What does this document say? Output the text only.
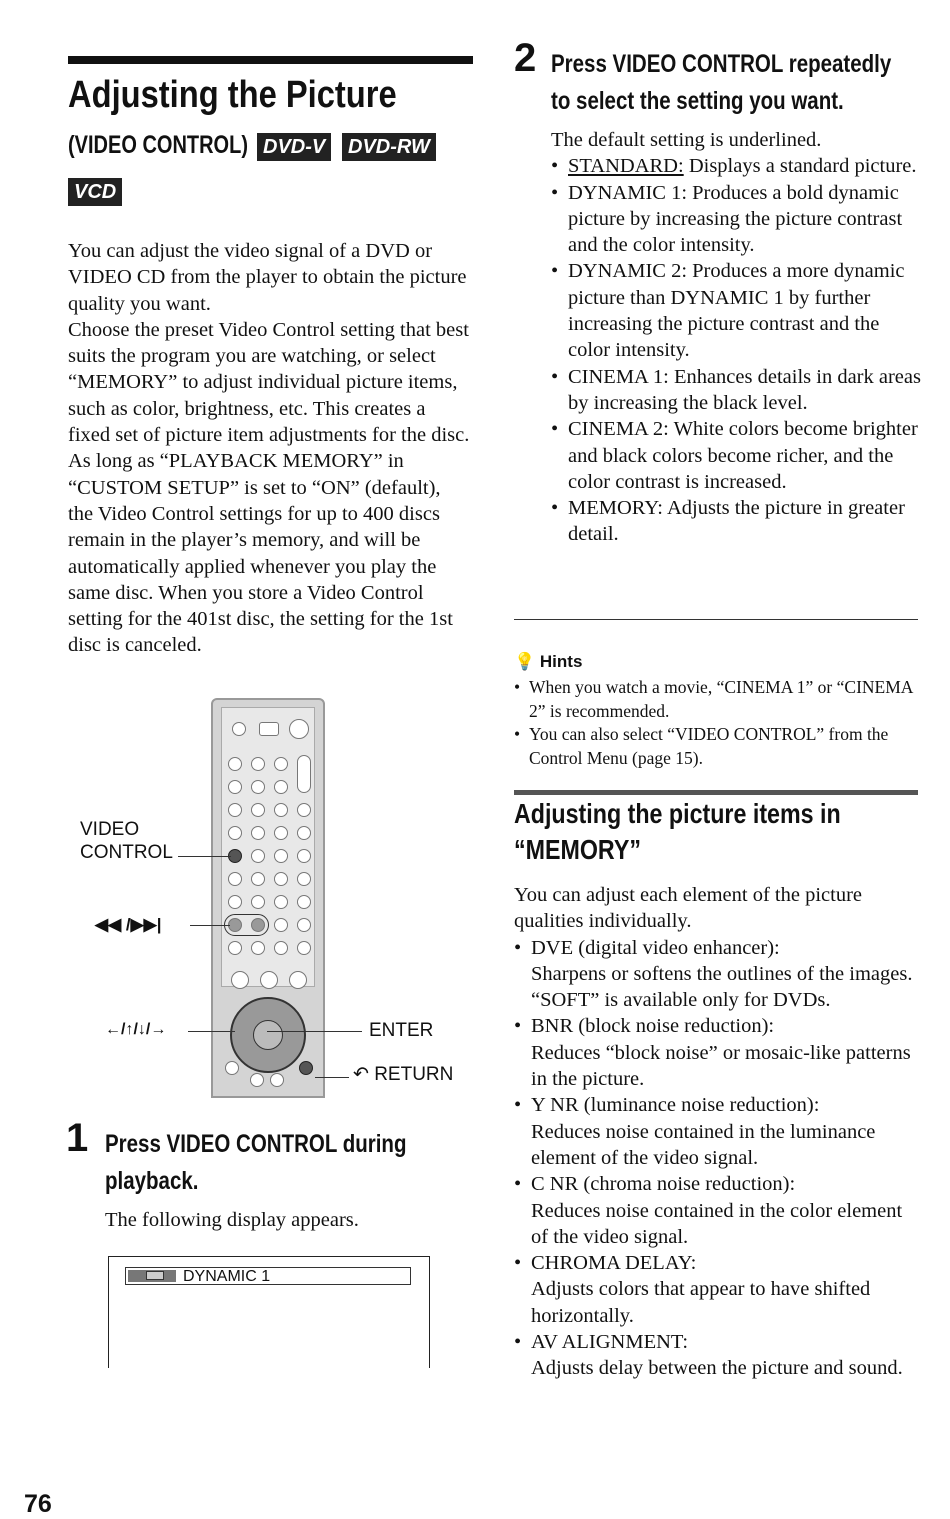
Adjusting the Picture
(VIDEO CONTROL) DVD-V	DVD-RW
VCD
You can adjust the video signal of a DVD or VIDEO CD from the player to obtain the picture quality you want.
Choose the preset Video Control setting that best suits the program you are watching, or select “MEMORY” to adjust individual picture items, such as color, brightness, etc. This creates a fixed set of picture item adjustments for the disc.
As long as “PLAYBACK MEMORY” in “CUSTOM SETUP” is set to “ON” (default), the Video Control settings for up to 400 discs remain in the player’s memory, and will be automatically applied whenever you play the same disc. When you store a Video Control setting for the 401st disc, the setting for the 1st disc is canceled.
VIDEO
CONTROL
◀◀ /▶▶|
←/↑/↓/→	ENTER
↶ RETURN
1 Press VIDEO CONTROL during
playback.
The following display appears.
DYNAMIC 1
76
2 Press VIDEO CONTROL repeatedly
to select the setting you want.
The default setting is underlined.
• STANDARD: Displays a standard picture.
• DYNAMIC 1: Produces a bold dynamic picture by increasing the picture contrast and the color intensity.
• DYNAMIC 2: Produces a more dynamic picture than DYNAMIC 1 by further increasing the picture contrast and the color intensity.
• CINEMA 1: Enhances details in dark areas by increasing the black level.
• CINEMA 2: White colors become brighter and black colors become richer, and the color contrast is increased.
• MEMORY: Adjusts the picture in greater detail.
💡 Hints
• When you watch a movie, “CINEMA 1” or “CINEMA 2” is recommended.
• You can also select “VIDEO CONTROL” from the Control Menu (page 15).
Adjusting the picture items in
“MEMORY”
You can adjust each element of the picture qualities individually.
• DVE (digital video enhancer):
Sharpens or softens the outlines of the images. “SOFT” is available only for DVDs.
• BNR (block noise reduction):
Reduces “block noise” or mosaic-like patterns in the picture.
• Y NR (luminance noise reduction):
Reduces noise contained in the luminance element of the video signal.
• C NR (chroma noise reduction):
Reduces noise contained in the color element of the video signal.
• CHROMA DELAY:
Adjusts colors that appear to have shifted horizontally.
• AV ALIGNMENT:
Adjusts delay between the picture and sound.
